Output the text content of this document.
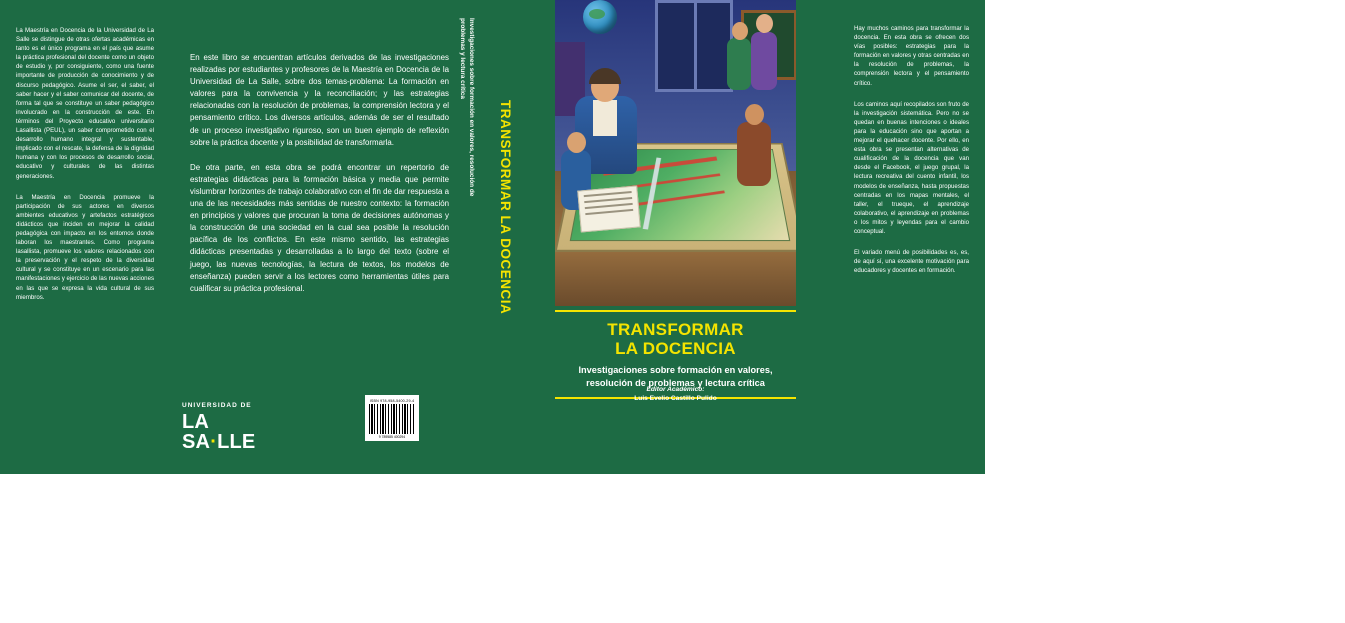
La Maestría en Docencia de la Universidad de La Salle se distingue de otras ofertas académicas en tanto es el único programa en el país que asume la práctica profesional del docente como un objeto de estudio y, por consiguiente, como una fuente importante de producción de conocimiento y de discurso pedagógico. Asume el ser, el saber, el saber hacer y el saber comunicar del docente, de forma tal que se constituye un saber pedagógico involucrado en la construcción de este. En términos del Proyecto educativo universitario Lasallista (PEUL), un saber comprometido con el desarrollo humano integral y sustentable, implicado con el rescate, la defensa de la dignidad humana y con los procesos de desarrollo social, educativo y culturales de las distintas generaciones.

La Maestría en Docencia promueve la participación de sus actores en diversos ambientes educativos y artefactos estratégicos didácticos que inciden en mejorar la calidad pedagógica con impacto en los entornos donde laboran los maestrantes. Como programa lasallista, promueve los valores relacionados con la preservación y el respeto de la diversidad cultural y se constituye en un escenario para las manifestaciones y ejercicio de las nuevas acciones en las que se expresa la vida cultural de sus miembros.

En este libro se encuentran artículos derivados de las investigaciones realizadas por estudiantes y profesores de la Maestría en Docencia de la Universidad de La Salle, sobre dos temas-problema: La formación en valores para la convivencia y la reconciliación; y las estrategias relacionadas con la resolución de problemas, la comprensión lectora y el pensamiento crítico. Los diversos artículos, además de ser el resultado de un proceso investigativo riguroso, son un buen ejemplo de reflexión sobre la práctica docente y la posibilidad de transformarla.

De otra parte, en esta obra se podrá encontrar un repertorio de estrategias didácticas para la formación básica y media que permite vislumbrar horizontes de trabajo colaborativo con el fin de dar respuesta a una de las necesidades más sentidas de nuestro contexto: la formación en principios y valores que procuran la toma de decisiones autónomas y la construcción de una sociedad en la cual sea posible la resolución pacífica de los conflictos. En este mismo sentido, las estrategias didácticas presentadas y desarrolladas a lo largo del texto (sobre el juego, las nuevas tecnologías, la lectura de textos, los modelos de enseñanza) pueden servir a los lectores como herramientas útiles para cualificar su práctica profesional.

UNIVERSIDAD DE
LA SA·LLE
ISBN 978-958-5400-29-4
9 789585 400294
Investigaciones sobre formación en valores, resolución de problemas y lectura crítica
TRANSFORMAR LA DOCENCIA
TRANSFORMAR
LA DOCENCIA
Investigaciones sobre formación en valores,
resolución de problemas y lectura crítica
Editor Académico:
Luis Evelio Castillo Pulido

Hay muchos caminos para transformar la docencia. En esta obra se ofrecen dos vías posibles: estrategias para la formación en valores y otras centradas en la resolución de problemas, la comprensión lectora y el pensamiento crítico.

Los caminos aquí recopilados son fruto de la investigación sistemática. Pero no se quedan en buenas intenciones o ideales para la educación sino que aportan a mejorar el quehacer docente. Por ello, en esta obra se presentan alternativas de cualificación de la docencia que van desde el Facebook, el juego grupal, la lectura recreativa del cuento infantil, los modelos de enseñanza, hasta propuestas centradas en los mapas mentales, el taller, el trueque, el aprendizaje colaborativo, el aprendizaje en problemas o los mitos y leyendas para el cambio conceptual.

El variado menú de posibilidades es, es, de aquí sí, una excelente motivación para educadores y docentes en formación.
